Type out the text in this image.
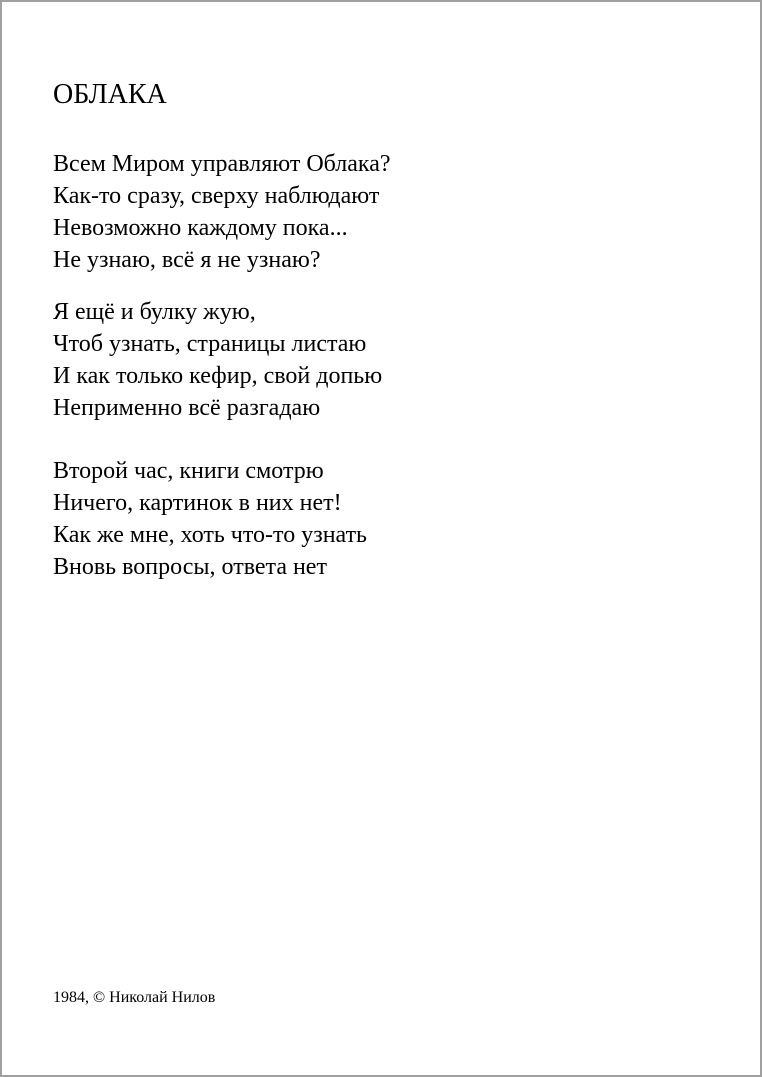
ОБЛАКА
Всем Миром управляют Облака?
Как-то сразу, сверху наблюдают
Невозможно каждому пока...
Не узнаю, всё я не узнаю?
Я ещё и булку жую,
Чтоб узнать, страницы листаю
И как только кефир, свой допью
Неприменно всё разгадаю
Второй час, книги смотрю
Ничего, картинок в них нет!
Как же мне, хоть что-то узнать
Вновь вопросы, ответа нет
1984, © Николай Нилов
